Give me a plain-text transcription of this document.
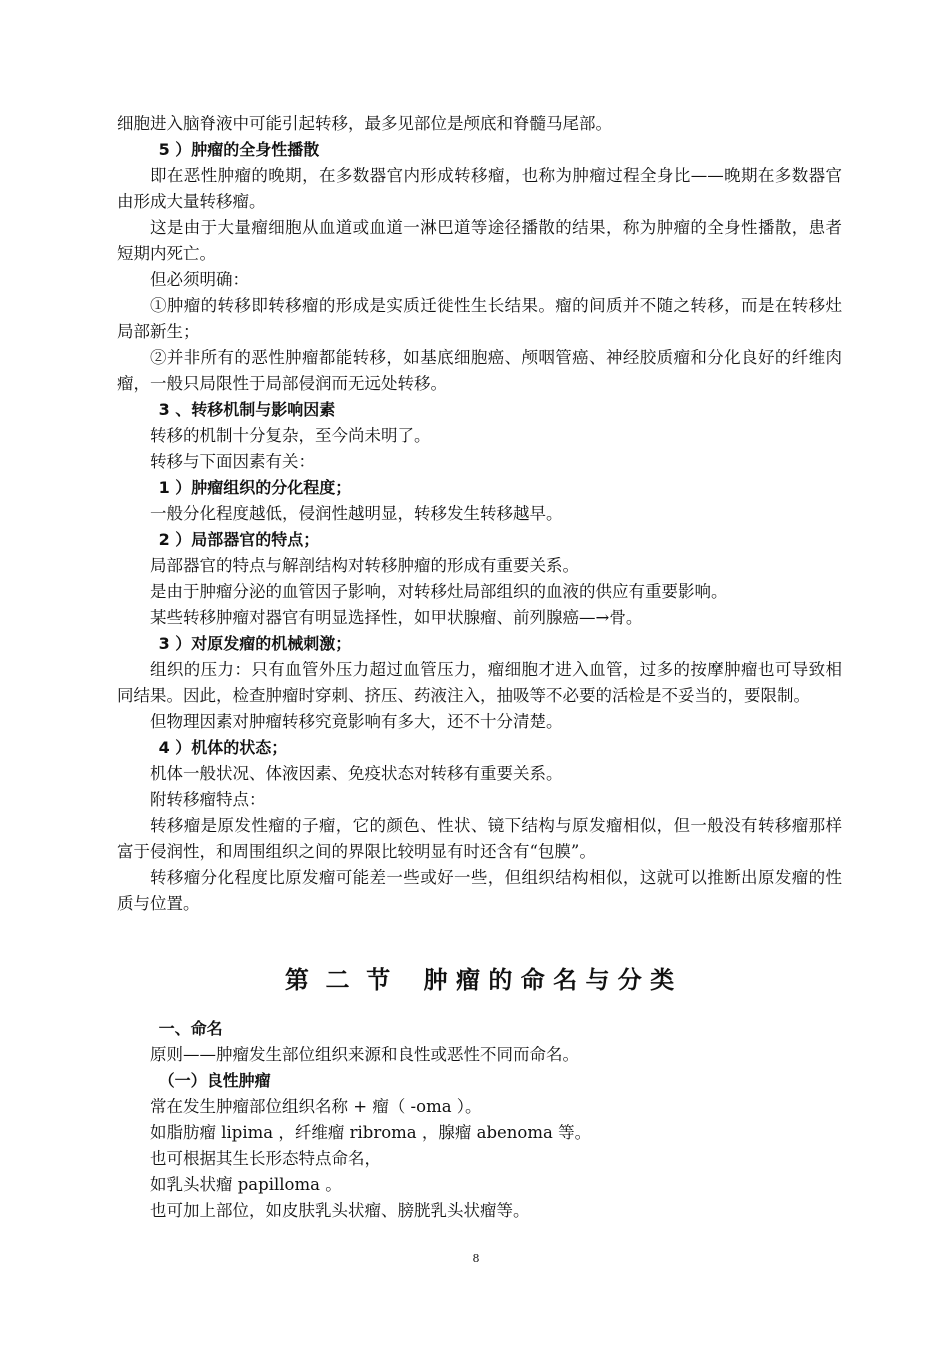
细胞进入脑脊液中可能引起转移，最多见部位是颅底和脊髓马尾部。

5 ）肿瘤的全身性播散

即在恶性肿瘤的晚期，在多数器官内形成转移瘤，也称为肿瘤过程全身比——晚期在多数器官由形成大量转移瘤。

这是由于大量瘤细胞从血道或血道一淋巴道等途径播散的结果，称为肿瘤的全身性播散，患者短期内死亡。

但必须明确：

①肿瘤的转移即转移瘤的形成是实质迁徙性生长结果。瘤的间质并不随之转移，而是在转移灶局部新生；

②并非所有的恶性肿瘤都能转移，如基底细胞癌、颅咽管癌、神经胶质瘤和分化良好的纤维肉瘤，一般只局限性于局部侵润而无远处转移。

3 、转移机制与影响因素

转移的机制十分复杂，至今尚未明了。

转移与下面因素有关：

1 ）肿瘤组织的分化程度；

一般分化程度越低，侵润性越明显，转移发生转移越早。

2 ）局部器官的特点；

局部器官的特点与解剖结构对转移肿瘤的形成有重要关系。

是由于肿瘤分泌的血管因子影响，对转移灶局部组织的血液的供应有重要影响。

某些转移肿瘤对器官有明显选择性，如甲状腺瘤、前列腺癌—→骨。

3 ）对原发瘤的机械刺激；

组织的压力：只有血管外压力超过血管压力，瘤细胞才进入血管，过多的按摩肿瘤也可导致相同结果。因此，检查肿瘤时穿刺、挤压、药液注入，抽吸等不必要的活检是不妥当的，要限制。

但物理因素对肿瘤转移究竟影响有多大，还不十分清楚。

4 ）机体的状态；

机体一般状况、体液因素、免疫状态对转移有重要关系。

附转移瘤特点：

转移瘤是原发性瘤的子瘤，它的颜色、性状、镜下结构与原发瘤相似，但一般没有转移瘤那样富于侵润性，和周围组织之间的界限比较明显有时还含有“包膜”。

转移瘤分化程度比原发瘤可能差一些或好一些，但组织结构相似，这就可以推断出原发瘤的性质与位置。

第  二  节    肿 瘤 的 命 名 与 分 类

一、命名

原则——肿瘤发生部位组织来源和良性或恶性不同而命名。

（一）良性肿瘤

常在发生肿瘤部位组织名称 + 瘤（ -oma ）。

如脂肪瘤 lipima ，纤维瘤 ribroma ，腺瘤 abenoma 等。

也可根据其生长形态特点命名，

如乳头状瘤 papilloma 。

也可加上部位，如皮肤乳头状瘤、膀胱乳头状瘤等。

8
